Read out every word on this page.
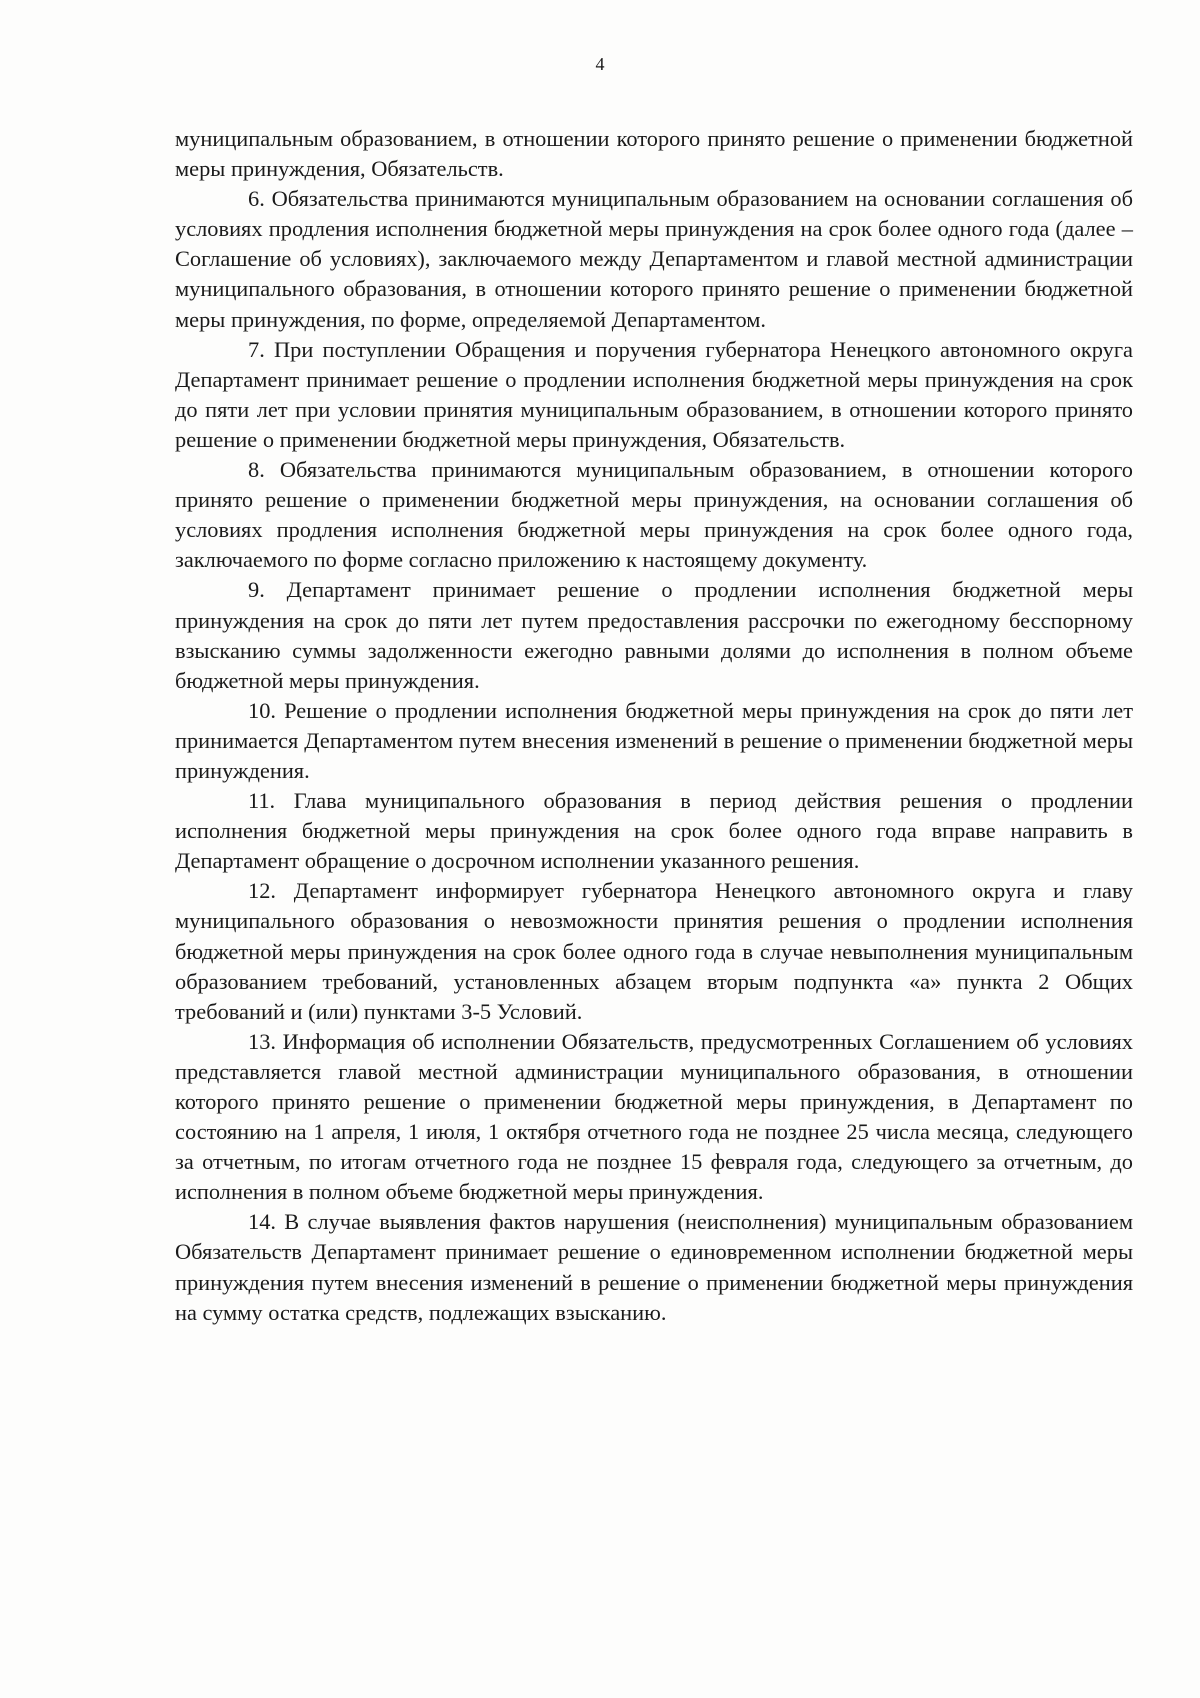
4

муниципальным образованием, в отношении которого принято решение о применении бюджетной меры принуждения, Обязательств.

6. Обязательства принимаются муниципальным образованием на основании соглашения об условиях продления исполнения бюджетной меры принуждения на срок более одного года (далее – Соглашение об условиях), заключаемого между Департаментом и главой местной администрации муниципального образования, в отношении которого принято решение о применении бюджетной меры принуждения, по форме, определяемой Департаментом.

7. При поступлении Обращения и поручения губернатора Ненецкого автономного округа Департамент принимает решение о продлении исполнения бюджетной меры принуждения на срок до пяти лет при условии принятия муниципальным образованием, в отношении которого принято решение о применении бюджетной меры принуждения, Обязательств.

8. Обязательства принимаются муниципальным образованием, в отношении которого принято решение о применении бюджетной меры принуждения, на основании соглашения об условиях продления исполнения бюджетной меры принуждения на срок более одного года, заключаемого по форме согласно приложению к настоящему документу.

9. Департамент принимает решение о продлении исполнения бюджетной меры принуждения на срок до пяти лет путем предоставления рассрочки по ежегодному бесспорному взысканию суммы задолженности ежегодно равными долями до исполнения в полном объеме бюджетной меры принуждения.

10. Решение о продлении исполнения бюджетной меры принуждения на срок до пяти лет принимается Департаментом путем внесения изменений в решение о применении бюджетной меры принуждения.

11. Глава муниципального образования в период действия решения о продлении исполнения бюджетной меры принуждения на срок более одного года вправе направить в Департамент обращение о досрочном исполнении указанного решения.

12. Департамент информирует губернатора Ненецкого автономного округа и главу муниципального образования о невозможности принятия решения о продлении исполнения бюджетной меры принуждения на срок более одного года в случае невыполнения муниципальным образованием требований, установленных абзацем вторым подпункта «а» пункта 2 Общих требований и (или) пунктами 3-5 Условий.

13. Информация об исполнении Обязательств, предусмотренных Соглашением об условиях представляется главой местной администрации муниципального образования, в отношении которого принято решение о применении бюджетной меры принуждения, в Департамент по состоянию на 1 апреля, 1 июля, 1 октября отчетного года не позднее 25 числа месяца, следующего за отчетным, по итогам отчетного года не позднее 15 февраля года, следующего за отчетным, до исполнения в полном объеме бюджетной меры принуждения.

14. В случае выявления фактов нарушения (неисполнения) муниципальным образованием Обязательств Департамент принимает решение о единовременном исполнении бюджетной меры принуждения путем внесения изменений в решение о применении бюджетной меры принуждения на сумму остатка средств, подлежащих взысканию.
